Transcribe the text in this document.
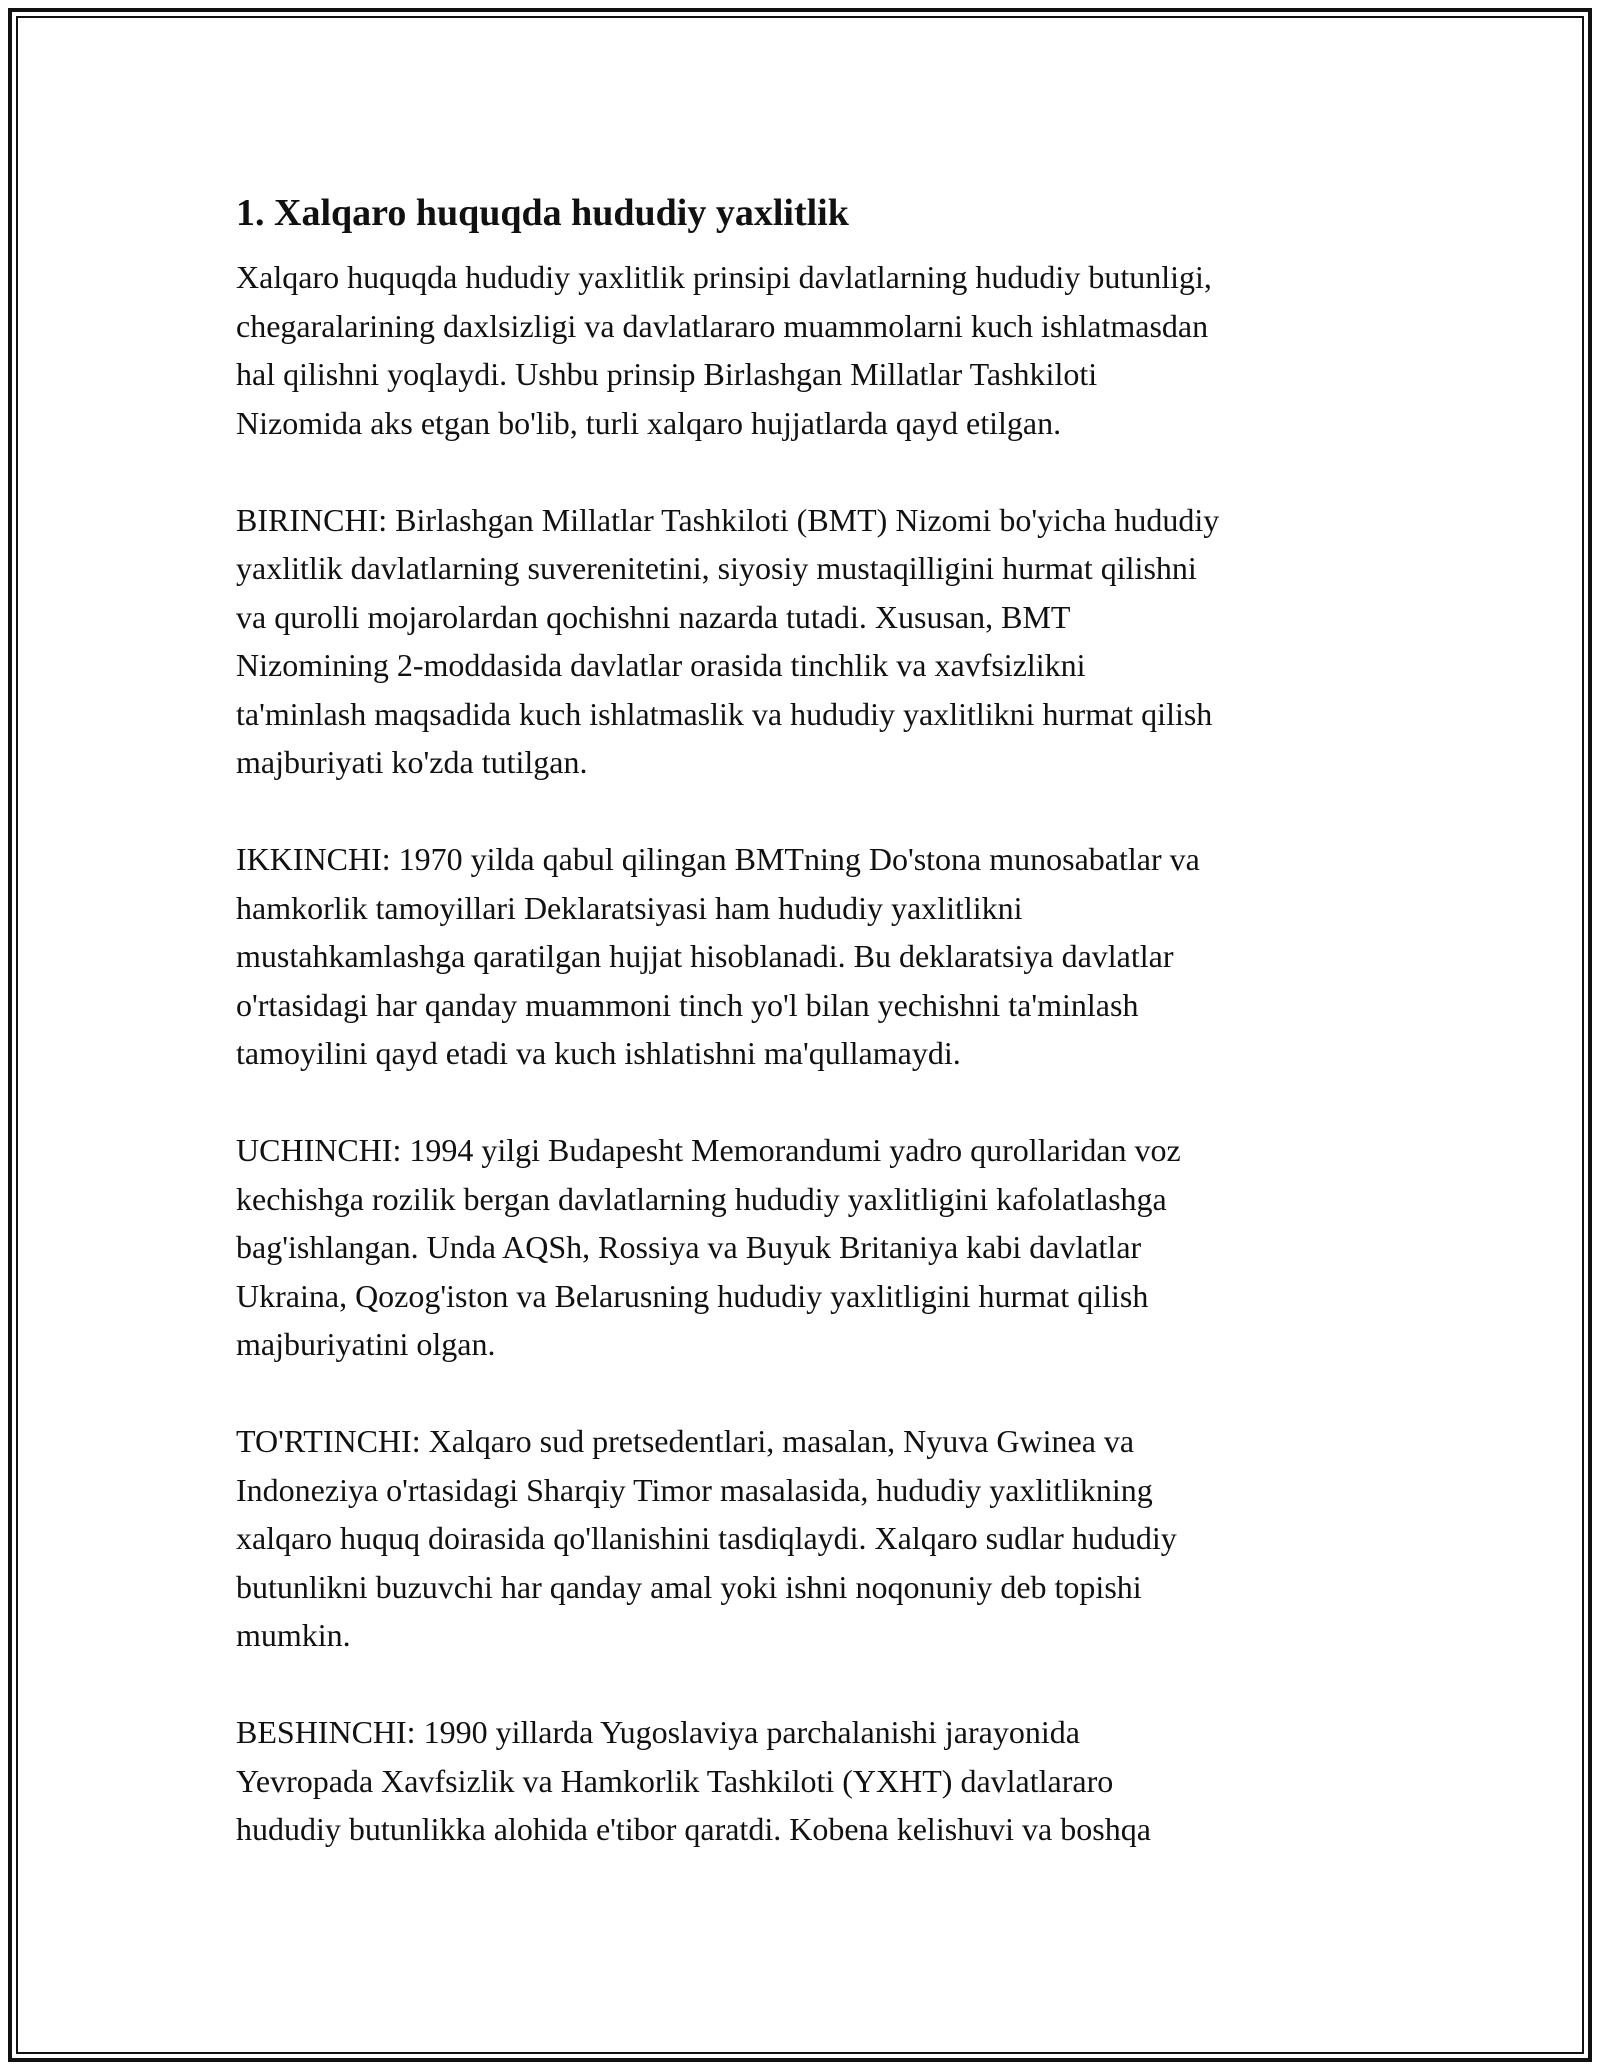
1. Xalqaro huquqda hududiy yaxlitlik

Xalqaro huquqda hududiy yaxlitlik prinsipi davlatlarning hududiy butunligi,
chegaralarining daxlsizligi va davlatlararo muammolarni kuch ishlatmasdan
hal qilishni yoqlaydi. Ushbu prinsip Birlashgan Millatlar Tashkiloti
Nizomida aks etgan bo'lib, turli xalqaro hujjatlarda qayd etilgan.

BIRINCHI: Birlashgan Millatlar Tashkiloti (BMT) Nizomi bo'yicha hududiy
yaxlitlik davlatlarning suverenitetini, siyosiy mustaqilligini hurmat qilishni
va qurolli mojarolardan qochishni nazarda tutadi. Xususan, BMT
Nizomining 2-moddasida davlatlar orasida tinchlik va xavfsizlikni
ta'minlash maqsadida kuch ishlatmaslik va hududiy yaxlitlikni hurmat qilish
majburiyati ko'zda tutilgan.

IKKINCHI: 1970 yilda qabul qilingan BMTning Do'stona munosabatlar va
hamkorlik tamoyillari Deklaratsiyasi ham hududiy yaxlitlikni
mustahkamlashga qaratilgan hujjat hisoblanadi. Bu deklaratsiya davlatlar
o'rtasidagi har qanday muammoni tinch yo'l bilan yechishni ta'minlash
tamoyilini qayd etadi va kuch ishlatishni ma'qullamaydi.

UCHINCHI: 1994 yilgi Budapesht Memorandumi yadro qurollaridan voz
kechishga rozilik bergan davlatlarning hududiy yaxlitligini kafolatlashga
bag'ishlangan. Unda AQSh, Rossiya va Buyuk Britaniya kabi davlatlar
Ukraina, Qozog'iston va Belarusning hududiy yaxlitligini hurmat qilish
majburiyatini olgan.

TO'RTINCHI: Xalqaro sud pretsedentlari, masalan, Nyuva Gwinea va
Indoneziya o'rtasidagi Sharqiy Timor masalasida, hududiy yaxlitlikning
xalqaro huquq doirasida qo'llanishini tasdiqlaydi. Xalqaro sudlar hududiy
butunlikni buzuvchi har qanday amal yoki ishni noqonuniy deb topishi
mumkin.

BESHINCHI: 1990 yillarda Yugoslaviya parchalanishi jarayonida
Yevropada Xavfsizlik va Hamkorlik Tashkiloti (YXHT) davlatlararo
hududiy butunlikka alohida e'tibor qaratdi. Kobena kelishuvi va boshqa
